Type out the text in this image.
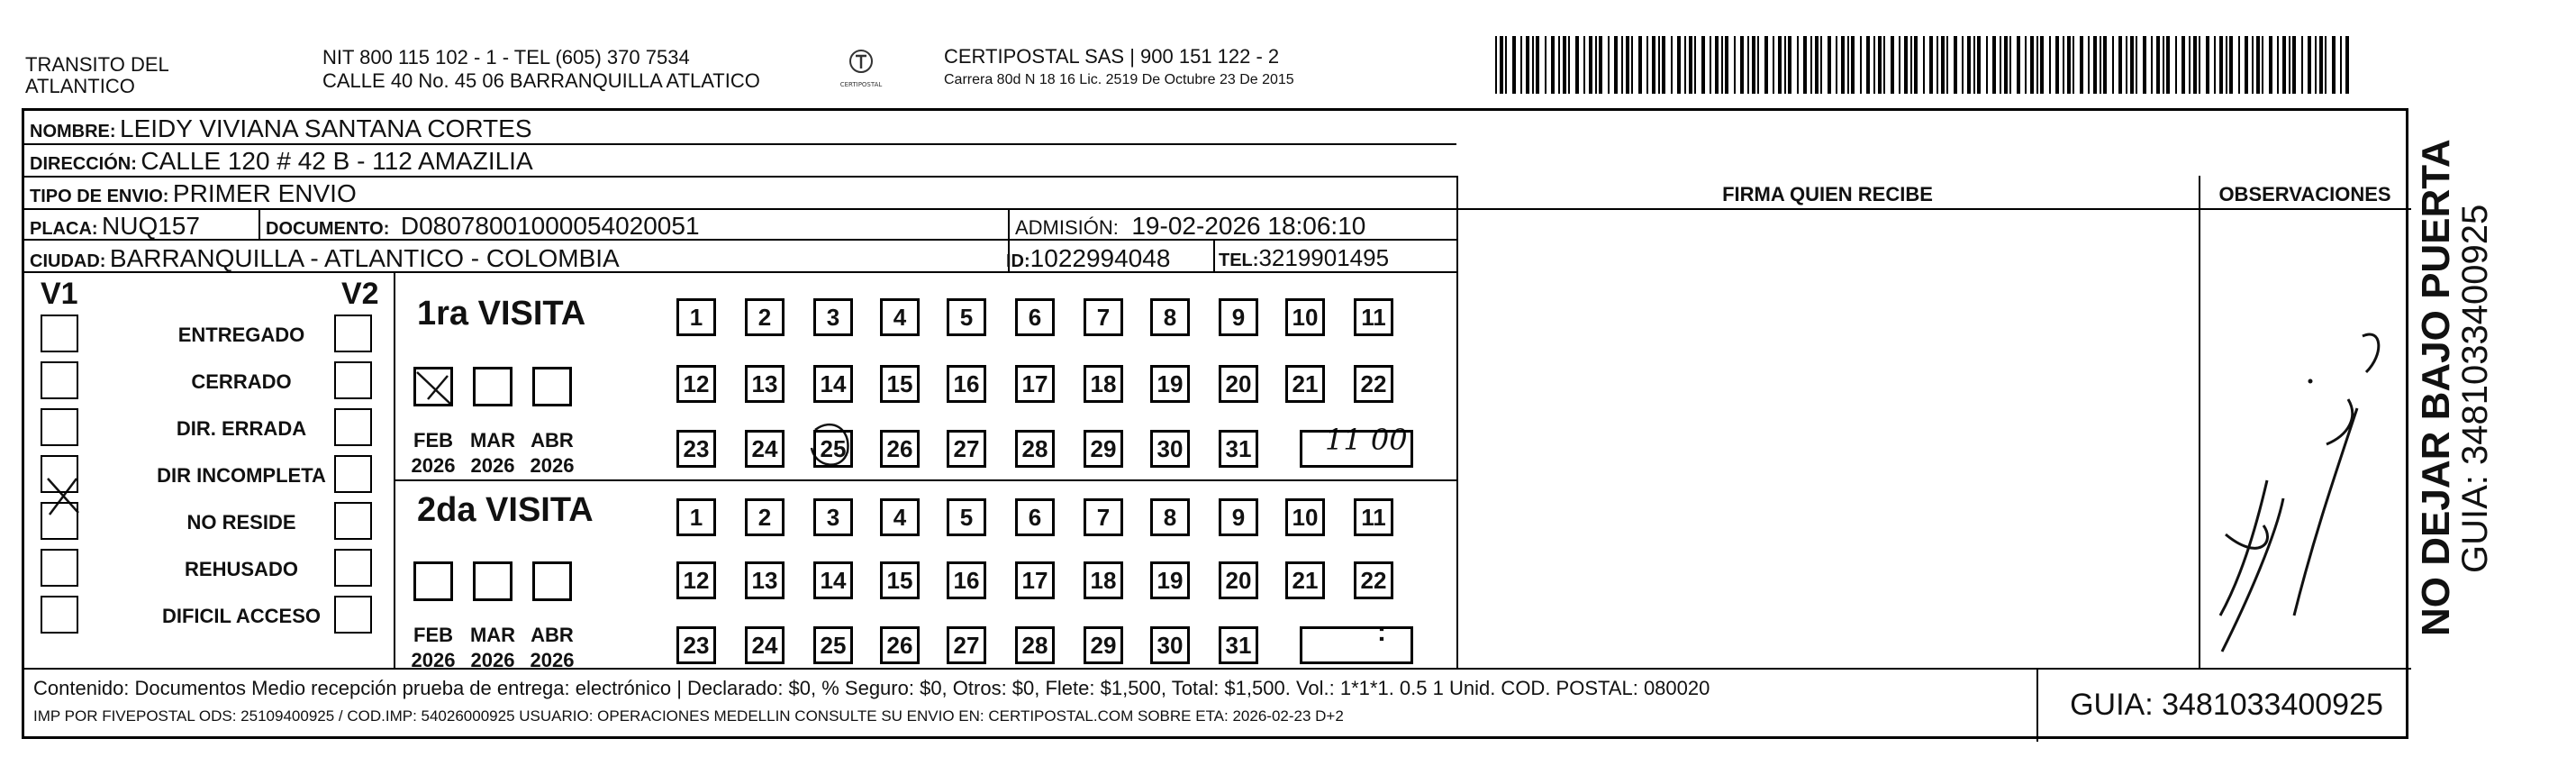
TRANSITO DEL
ATLANTICO
NIT 800 115 102 - 1 - TEL (605) 370 7534
CALLE 40 No. 45 06 BARRANQUILLA ATLATICO	CERTIPOSTAL
CERTIPOSTAL SAS | 900 151 122 - 2
Carrera 80d N 18 16 Lic. 2519 De Octubre 23 De 2015
NOMBRE: LEIDY VIVIANA SANTANA CORTES
DIRECCIÓN: CALLE 120 # 42 B - 112 AMAZILIA
TIPO DE ENVIO: PRIMER ENVIO
PLACA: NUQ157	DOCUMENTO: D08078001000054020051	ADMISIÓN: 19-02-2026 18:06:10
CIUDAD: BARRANQUILLA - ATLANTICO - COLOMBIA	ID:1022994048	TEL:3219901495
FIRMA QUIEN RECIBE	OBSERVACIONES
V1	V2
1ra VISITA
2da VISITA
11 00
:
Contenido: Documentos Medio recepción prueba de entrega: electrónico | Declarado: $0, % Seguro: $0, Otros: $0, Flete: $1,500, Total: $1,500. Vol.: 1*1*1. 0.5 1 Unid. COD. POSTAL: 080020
IMP POR FIVEPOSTAL ODS: 25109400925 / COD.IMP: 54026000925 USUARIO: OPERACIONES MEDELLIN CONSULTE SU ENVIO EN: CERTIPOSTAL.COM SOBRE ETA: 2026-02-23 D+2	GUIA: 3481033400925
ENTREGADO
CERRADO
DIR. ERRADA
DIR INCOMPLETA
NO RESIDE
REHUSADO
DIFICIL ACCESO
FEB
2026
MAR
2026
ABR
2026
FEB
2026
MAR
2026
ABR
2026
1	2	3	4	5	6	7	8	9	10	11
12 13 14 15 16 17 18 19 20 21 22
23 24 25 26 27 28 29 30 31
1	2	3	4	5	6	7	8	9	10	11
12 13 14 15 16 17 18 19 20 21 22
23 24 25 26 27 28 29 30 31
NO DEJAR BAJO PUERTA
GUIA: 3481033400925
